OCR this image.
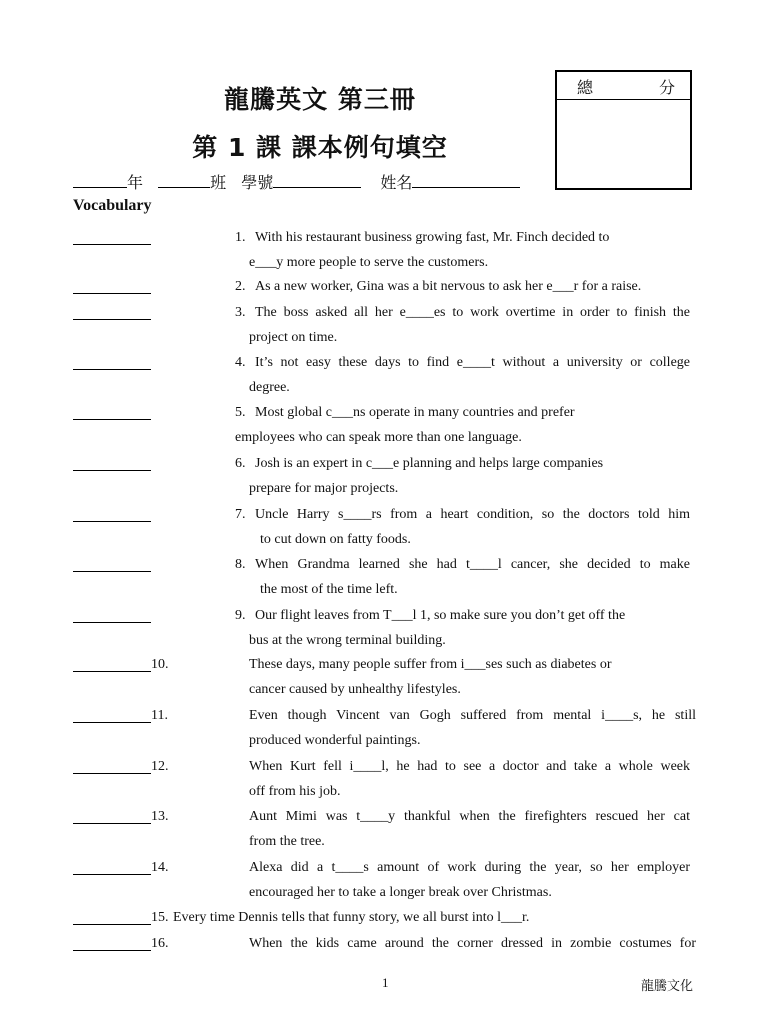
龍騰英文 第三冊
第 1 課 課本例句填空
總	分
年	班 學號	姓名
Vocabulary
1. With his restaurant business growing fast, Mr. Finch decided to
e___y more people to serve the customers.
2. As a new worker, Gina was a bit nervous to ask her e___r for a raise.
3. The boss asked all her e____es to work overtime in order to finish the
project on time.
4. It’s not easy these days to find e____t without a university or college
degree.
5. Most global c___ns operate in many countries and prefer
employees who can speak more than one language.
6. Josh is an expert in c___e planning and helps large companies
prepare for major projects.
7. Uncle Harry s____rs from a heart condition, so the doctors told him
to cut down on fatty foods.
8. When Grandma learned she had t____l cancer, she decided to make
the most of the time left.
9. Our flight leaves from T___l 1, so make sure you don’t get off the
bus at the wrong terminal building.
10.	These days, many people suffer from i___ses such as diabetes or
cancer caused by unhealthy lifestyles.
11.	Even though Vincent van Gogh suffered from mental i____s, he still
produced wonderful paintings.
12.	When Kurt fell i____l, he had to see a doctor and take a whole week
off from his job.
13.	Aunt Mimi was t____y thankful when the firefighters rescued her cat
from the tree.
14.	Alexa did a t____s amount of work during the year, so her employer
encouraged her to take a longer break over Christmas.
15. Every time Dennis tells that funny story, we all burst into l___r.
16.	When the kids came around the corner dressed in zombie costumes for
1	龍騰文化
